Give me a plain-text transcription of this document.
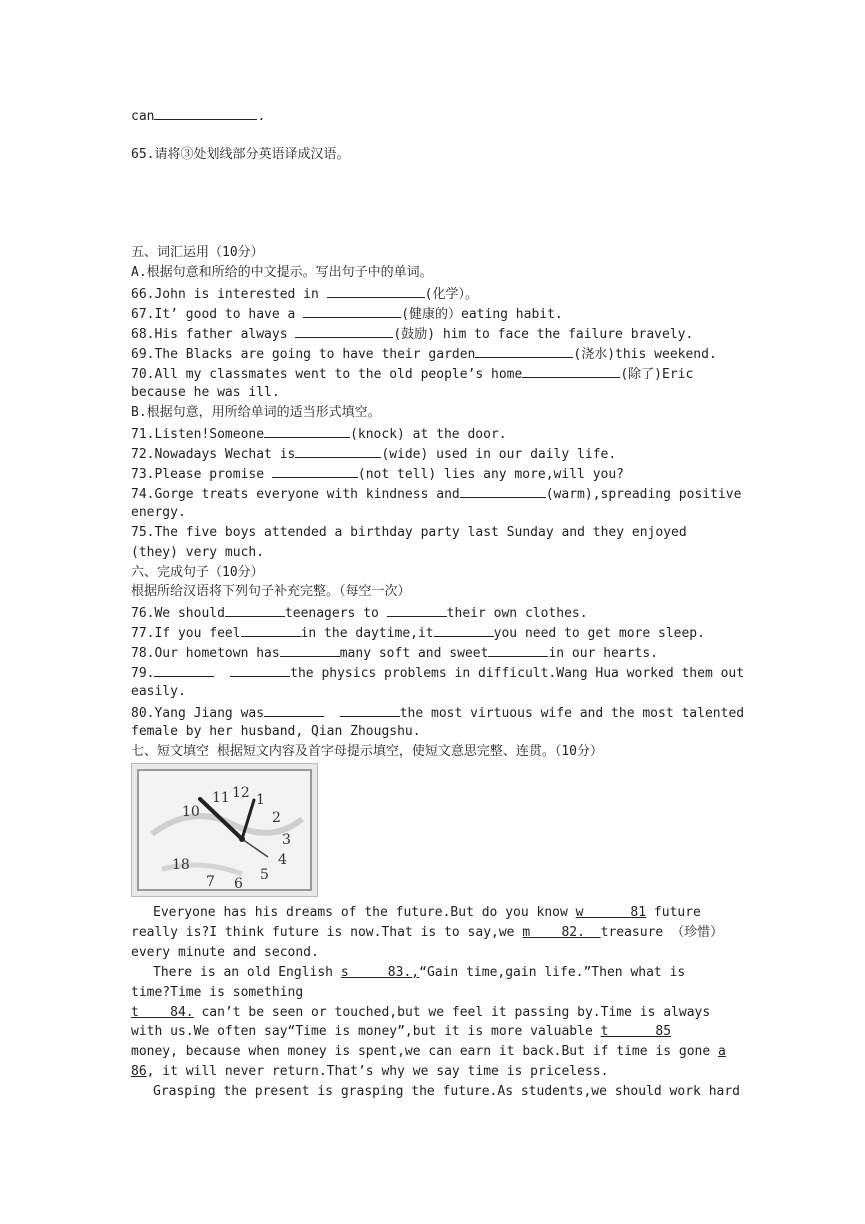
can	.
65.请将③处划线部分英语译成汉语。
五、词汇运用（10分）
A.根据句意和所给的中文提示。写出句子中的单词。
66.John is interested in	(化学）。
67.It’ good to have a	(健康的）eating habit.
68.His father always	(鼓励) him to face the failure bravely.
69.The Blacks are going to have their garden	(浇水)this weekend.
70.All my classmates went to the old people’s home	(除了)Eric
because he was ill.
B.根据句意，用所给单词的适当形式填空。
71.Listen!Someone	(knock) at the door.
72.Nowadays Wechat is	(wide) used in our daily life.
73.Please promise	(not tell) lies any more,will you?
74.Gorge treats everyone with kindness and	(warm),spreading positive
energy.
75.The five boys attended a birthday party last Sunday and they enjoyed
(they) very much.
六、完成句子（10分）
根据所给汉语将下列句子补充完整。（每空一次）
76.We should	teenagers to	their own clothes.
77.If you feel	in the daytime,it	you need to get more sleep.
78.Our hometown has	many soft and sweet	in our hearts.
79.	the physics problems in difficult.Wang Hua worked them out
easily.
80.Yang Jiang was	the most virtuous wife and the most talented
female by her husband, Qian Zhougshu.
七、短文填空 根据短文内容及首字母提示填空，使短文意思完整、连贯。（10分）
Everyone has his dreams of the future.But do you know w      81 future
really is?I think future is now.That is to say,we m    82.  treasure （珍惜）
every minute and second.
There is an old English s     83.,“Gain time,gain life.”Then what is
time?Time is something
t    84. can’t be seen or touched,but we feel it passing by.Time is always
with us.We often say“Time is money”,but it is more valuable t      85
money, because when money is spent,we can earn it back.But if time is gone a
86, it will never return.That’s why we say time is priceless.
Grasping the present is grasping the future.As students,we should work hard
12
11 1
10	2
3
4
5
6
7
18
